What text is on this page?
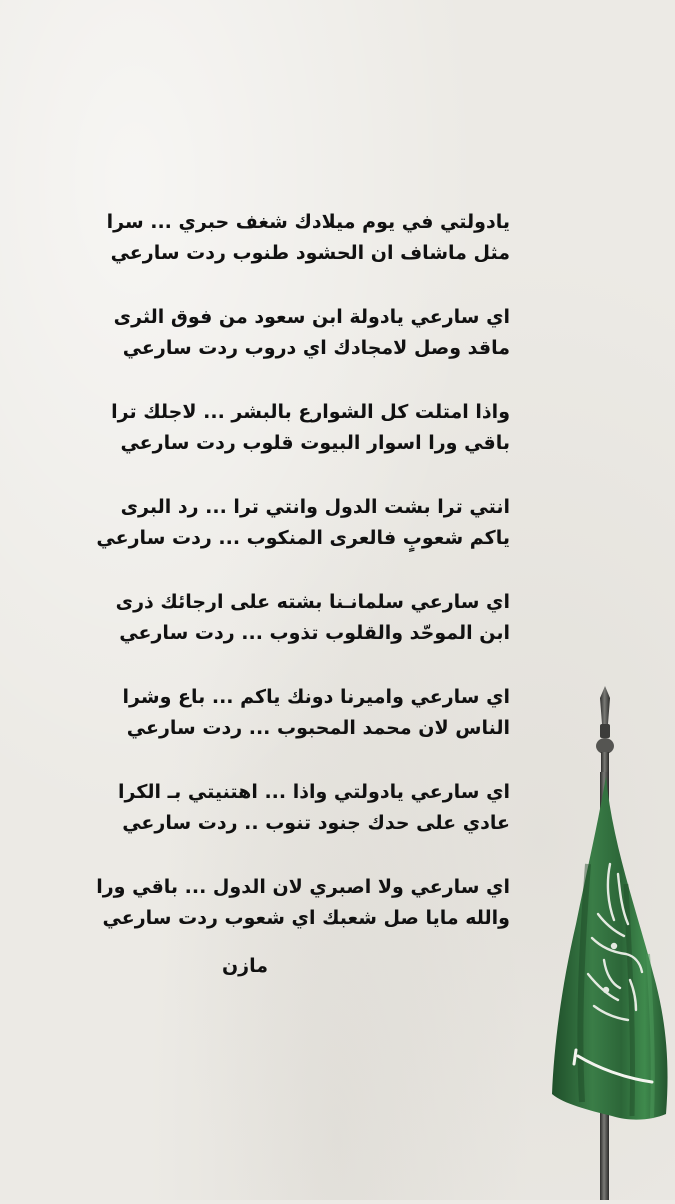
يادولتي في يوم ميلادك شغف حبري ... سرا
مثل ماشاف ان الحشود طنوب ردت سارعي
اي سارعي يادولة ابن سعود من فوق الثرى
ماقد وصل لامجادك اي دروب ردت سارعي
واذا امتلت كل الشوارع بالبشر ... لاجلك ترا
باقي ورا اسوار البيوت قلوب ردت سارعي
انتي ترا بشت الدول وانتي ترا ... رد البرى
ياكم شعوبٍ فالعرى المنكوب ... ردت سارعي
اي سارعي سلمانـنا بشته على ارجائك ذرى
ابن الموحّد والقلوب تذوب ... ردت سارعي
اي سارعي واميرنا دونك ياكم ... باع وشرا
الناس لان محمد المحبوب ... ردت سارعي
اي سارعي يادولتي واذا ... اهتنيتي بـ الكرا
عادي على حدك جنود تنوب .. ردت سارعي
اي سارعي ولا اصبري لان الدول ... باقي ورا
والله مايا صل شعبك اي شعوب ردت سارعي
مازن
